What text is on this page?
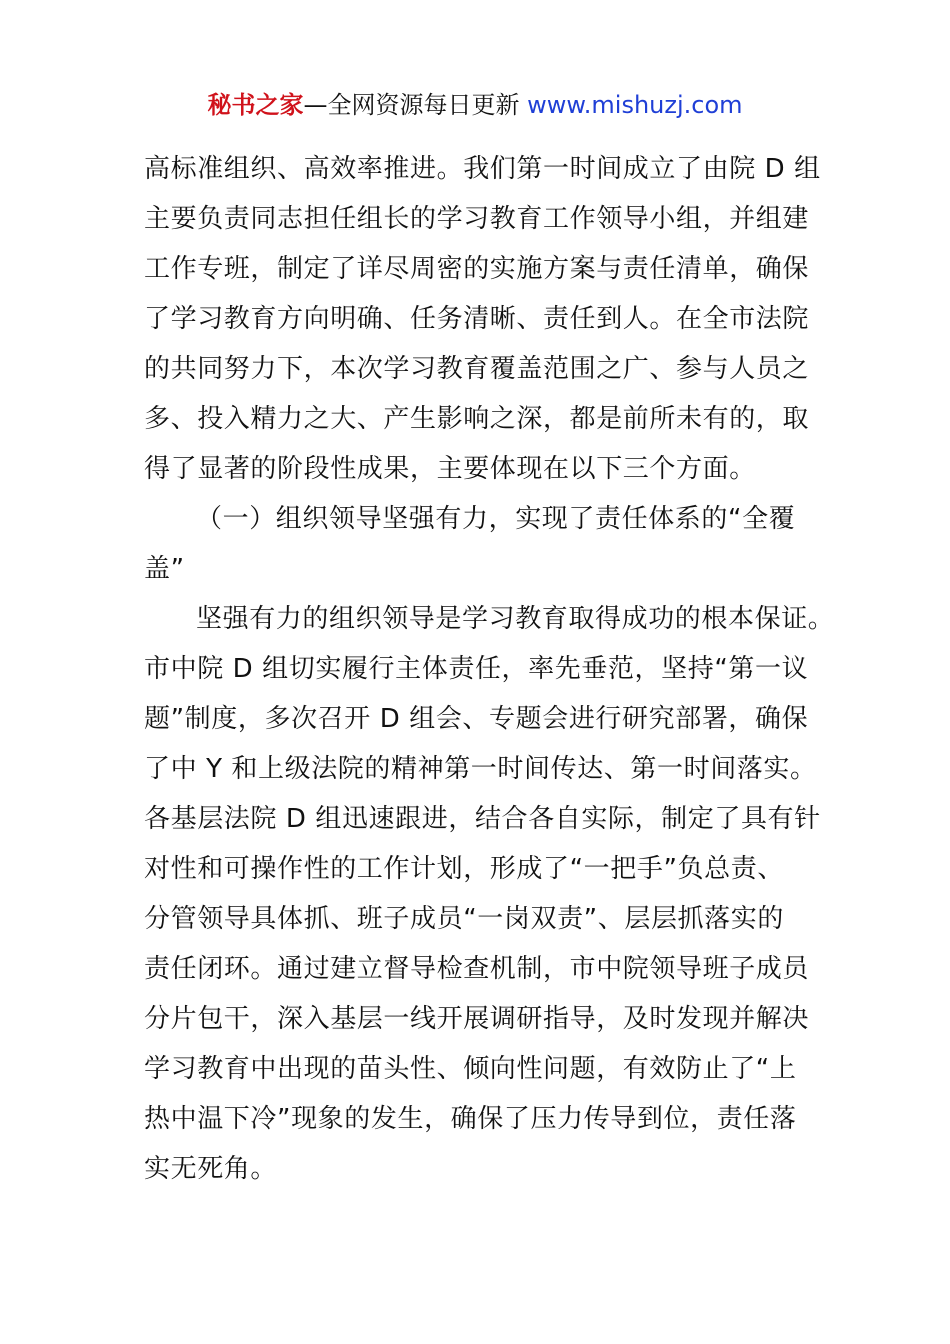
秘书之家—全网资源每日更新 www.mishuzj.com
高标准组织、高效率推进。我们第一时间成立了由院 D 组
主要负责同志担任组长的学习教育工作领导小组，并组建
工作专班，制定了详尽周密的实施方案与责任清单，确保
了学习教育方向明确、任务清晰、责任到人。在全市法院
的共同努力下，本次学习教育覆盖范围之广、参与人员之
多、投入精力之大、产生影响之深，都是前所未有的，取
得了显著的阶段性成果，主要体现在以下三个方面。
（一）组织领导坚强有力，实现了责任体系的“全覆
盖”
坚强有力的组织领导是学习教育取得成功的根本保证。
市中院 D 组切实履行主体责任，率先垂范，坚持“第一议
题”制度，多次召开 D 组会、专题会进行研究部署，确保
了中 Y 和上级法院的精神第一时间传达、第一时间落实。
各基层法院 D 组迅速跟进，结合各自实际，制定了具有针
对性和可操作性的工作计划，形成了“一把手”负总责、
分管领导具体抓、班子成员“一岗双责”、层层抓落实的
责任闭环。通过建立督导检查机制，市中院领导班子成员
分片包干，深入基层一线开展调研指导，及时发现并解决
学习教育中出现的苗头性、倾向性问题，有效防止了“上
热中温下冷”现象的发生，确保了压力传导到位，责任落
实无死角。
